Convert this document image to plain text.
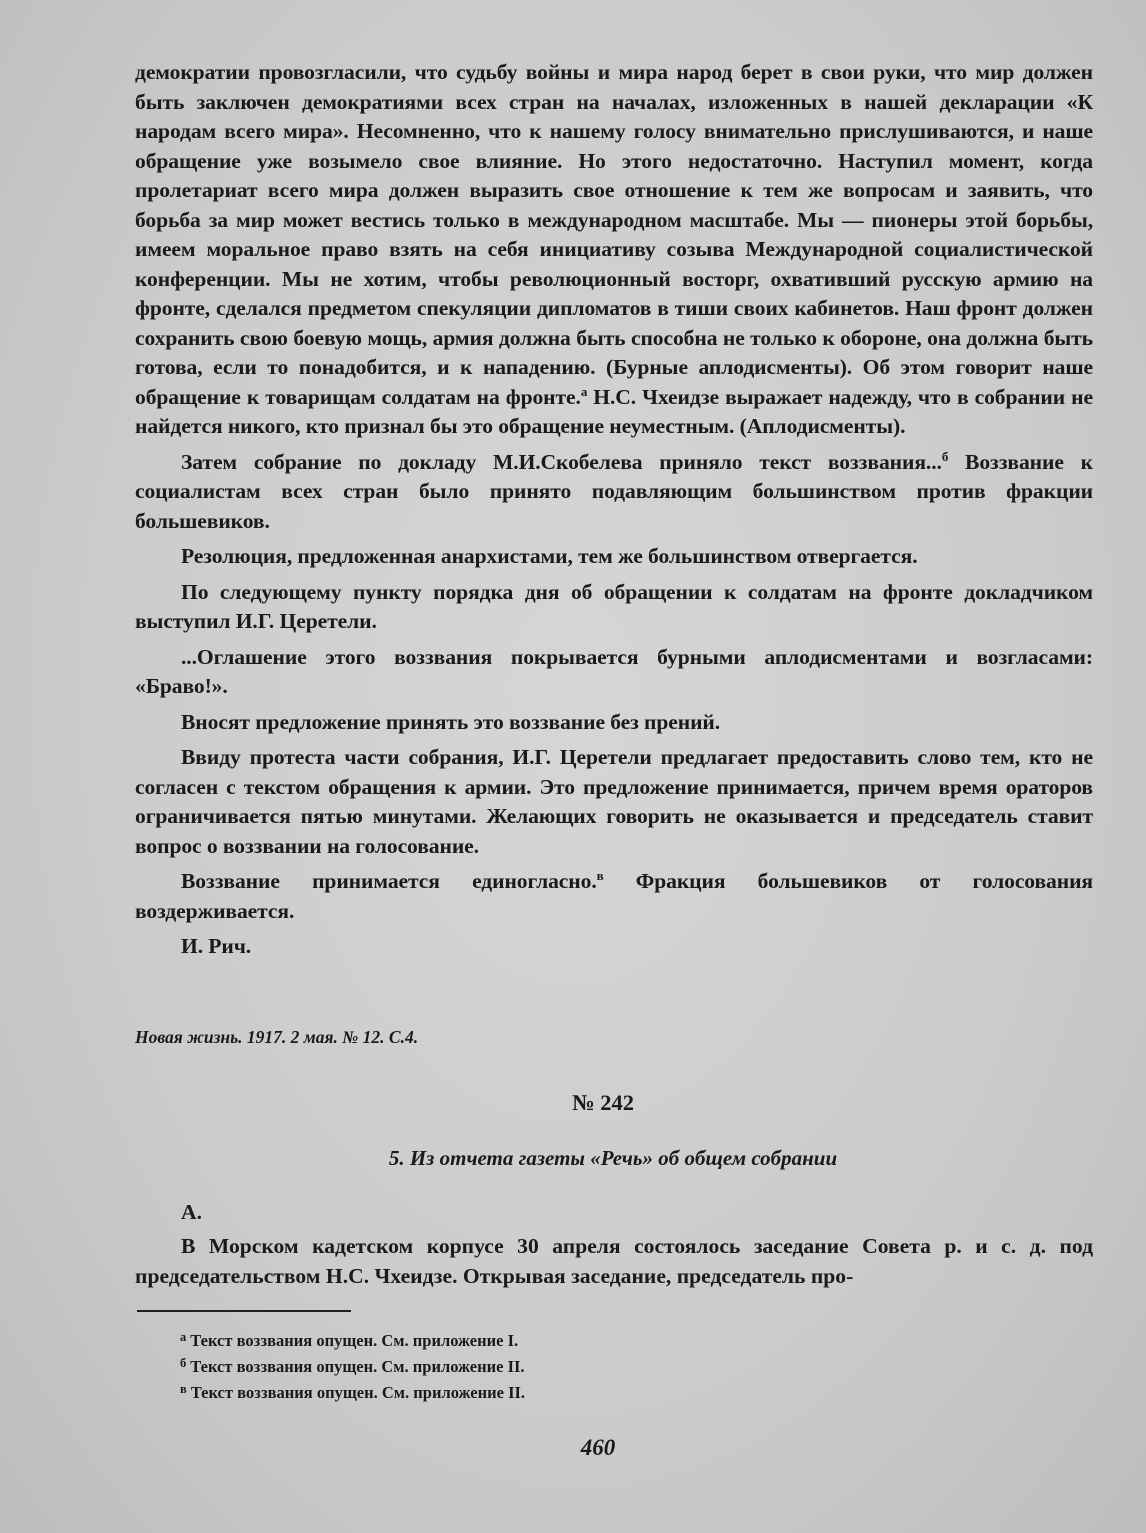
демократии провозгласили, что судьбу войны и мира народ берет в свои руки, что мир должен быть заключен демократиями всех стран на началах, изложенных в нашей декларации «К народам всего мира». Несомненно, что к нашему голосу внимательно прислушиваются, и наше обращение уже возымело свое влияние. Но этого недостаточно. Наступил момент, когда пролетариат всего мира должен выразить свое отношение к тем же вопросам и заявить, что борьба за мир может вестись только в международном масштабе. Мы — пионеры этой борьбы, имеем моральное право взять на себя инициативу созыва Международной социалистической конференции. Мы не хотим, чтобы революционный восторг, охвативший русскую армию на фронте, сделался предметом спекуляции дипломатов в тиши своих кабинетов. Наш фронт должен сохранить свою боевую мощь, армия должна быть способна не только к обороне, она должна быть готова, если то понадобится, и к нападению. (Бурные аплодисменты). Об этом говорит наше обращение к товарищам солдатам на фронте.$^а$ Н.С. Чхеидзе выражает надежду, что в собрании не найдется никого, кто признал бы это обращение неуместным. (Аплодисменты).

Затем собрание по докладу М.И.Скобелева приняло текст воззвания...$^б$ Воззвание к социалистам всех стран было принято подавляющим большинством против фракции большевиков.

Резолюция, предложенная анархистами, тем же большинством отвергается.

По следующему пункту порядка дня об обращении к солдатам на фронте докладчиком выступил И.Г. Церетели.

...Оглашение этого воззвания покрывается бурными аплодисментами и возгласами: «Браво!».

Вносят предложение принять это воззвание без прений.

Ввиду протеста части собрания, И.Г. Церетели предлагает предоставить слово тем, кто не согласен с текстом обращения к армии. Это предложение принимается, причем время ораторов ограничивается пятью минутами. Желающих говорить не оказывается и председатель ставит вопрос о воззвании на голосование.

Воззвание принимается единогласно.$^в$ Фракция большевиков от голосования воздерживается.

И. Рич.

Новая жизнь. 1917. 2 мая. № 12. С.4.
№ 242
5. Из отчета газеты «Речь» об общем собрании

А.

В Морском кадетском корпусе 30 апреля состоялось заседание Совета р. и с. д. под председательством Н.С. Чхеидзе. Открывая заседание, председатель про-

$^а$ Текст воззвания опущен. См. приложение I.
$^б$ Текст воззвания опущен. См. приложение II.
$^в$ Текст воззвания опущен. См. приложение II.
460
